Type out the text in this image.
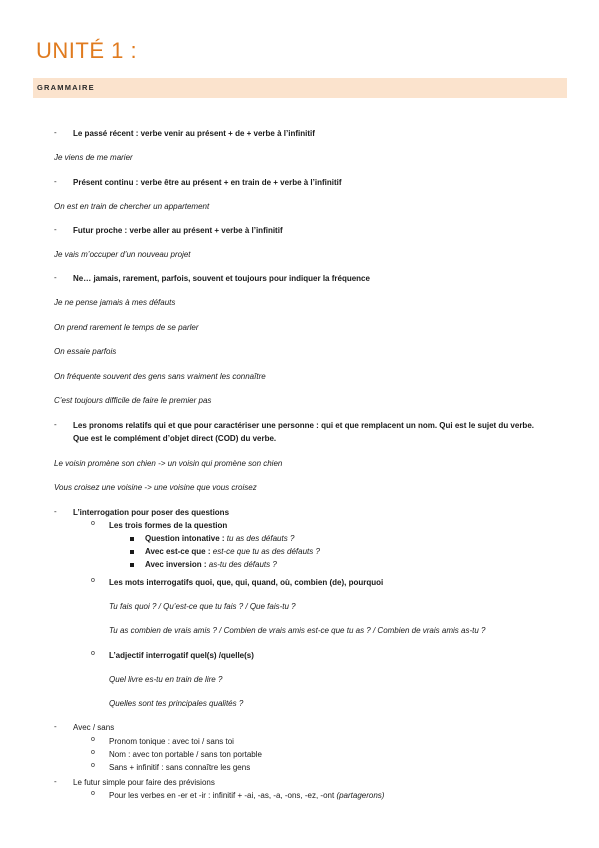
UNITÉ 1 :
GRAMMAIRE
- Le passé récent : verbe venir au présent + de + verbe à l’infinitif
Je viens de me marier
- Présent continu : verbe être au présent + en train de + verbe à l’infinitif
On est en train de chercher un appartement
- Futur proche : verbe aller au présent + verbe à l’infinitif
Je vais m’occuper d’un nouveau projet
- Ne… jamais, rarement, parfois, souvent et toujours pour indiquer la fréquence
Je ne pense jamais à mes défauts
On prend rarement le temps de se parler
On essaie parfois
On fréquente souvent des gens sans vraiment les connaître
C’est toujours difficile de faire le premier pas
- Les pronoms relatifs qui et que pour caractériser une personne : qui et que remplacent un nom. Qui est le sujet du verbe.
Que est le complément d’objet direct (COD) du verbe.
Le voisin promène son chien -> un voisin qui promène son chien
Vous croisez une voisine -> une voisine que vous croisez
- L’interrogation pour poser des questions
o Les trois formes de la question
Question intonative : tu as des défauts ?
Avec est-ce que : est-ce que tu as des défauts ?
Avec inversion : as-tu des défauts ?
o Les mots interrogatifs quoi, que, qui, quand, où, combien (de), pourquoi
Tu fais quoi ? / Qu’est-ce que tu fais ? / Que fais-tu ?
Tu as combien de vrais amis ? / Combien de vrais amis est-ce que tu as ? / Combien de vrais amis as-tu ?
o L’adjectif interrogatif quel(s) /quelle(s)
Quel livre es-tu en train de lire ?
Quelles sont tes principales qualités ?
- Avec / sans
o Pronom tonique : avec toi / sans toi
o Nom : avec ton portable / sans ton portable
o Sans + infinitif : sans connaître les gens
- Le futur simple pour faire des prévisions
o Pour les verbes en -er et -ir : infinitif + -ai, -as, -a, -ons, -ez, -ont (partagerons)
